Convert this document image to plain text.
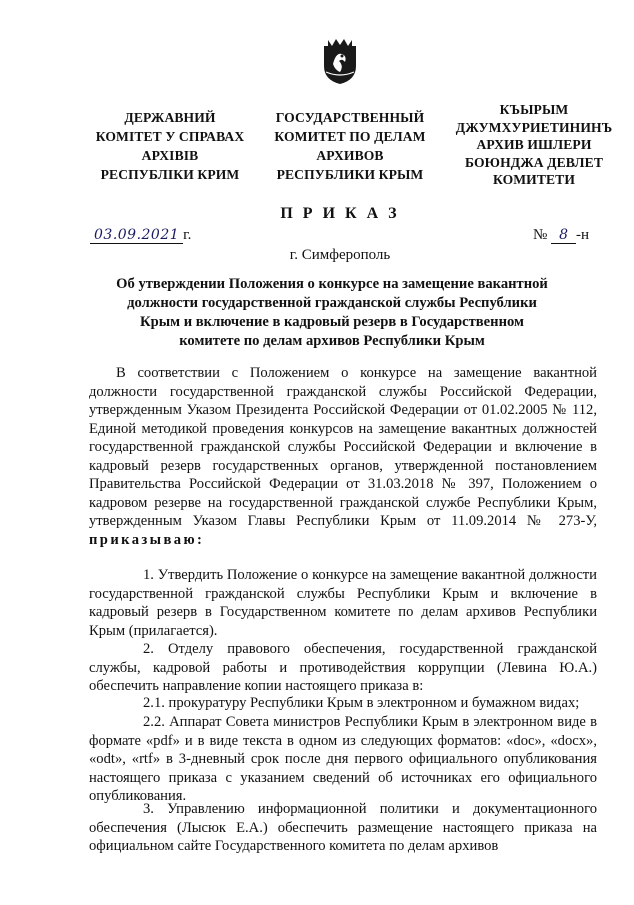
ДЕРЖАВНИЙ
КОМІТЕТ У СПРАВАХ
АРХІВІВ
РЕСПУБЛІКИ КРИМ
ГОСУДАРСТВЕННЫЙ
КОМИТЕТ ПО ДЕЛАМ
АРХИВОВ
РЕСПУБЛИКИ КРЫМ
КЪЫРЫМ
ДЖУМХУРИЕТИНИНЪ
АРХИВ ИШЛЕРИ
БОЮНДЖА ДЕВЛЕТ
КОМИТЕТИ
П Р И К А З
03.09.2021 г.	№ 8 -н
г. Симферополь
Об утверждении Положения о конкурсе на замещение вакантной должности государственной гражданской службы Республики Крым и включение в кадровый резерв в Государственном комитете по делам архивов Республики Крым
В соответствии с Положением о конкурсе на замещение вакантной должности государственной гражданской службы Российской Федерации, утвержденным Указом Президента Российской Федерации от 01.02.2005 № 112, Единой методикой проведения конкурсов на замещение вакантных должностей государственной гражданской службы Российской Федерации и включение в кадровый резерв государственных органов, утвержденной постановлением Правительства Российской Федерации от 31.03.2018 № 397, Положением о кадровом резерве на государственной гражданской службе Республики Крым, утвержденным Указом Главы Республики Крым от 11.09.2014 № 273-У, приказываю:
1. Утвердить Положение о конкурсе на замещение вакантной должности государственной гражданской службы Республики Крым и включение в кадровый резерв в Государственном комитете по делам архивов Республики Крым (прилагается).
2. Отделу правового обеспечения, государственной гражданской службы, кадровой работы и противодействия коррупции (Левина Ю.А.) обеспечить направление копии настоящего приказа в:
2.1. прокуратуру Республики Крым в электронном и бумажном видах;
2.2. Аппарат Совета министров Республики Крым в электронном виде в формате «pdf» и в виде текста в одном из следующих форматов: «doc», «docx», «odt», «rtf» в 3-дневный срок после дня первого официального опубликования настоящего приказа с указанием сведений об источниках его официального опубликования.
3. Управлению информационной политики и документационного обеспечения (Лысюк Е.А.) обеспечить размещение настоящего приказа на официальном сайте Государственного комитета по делам архивов
